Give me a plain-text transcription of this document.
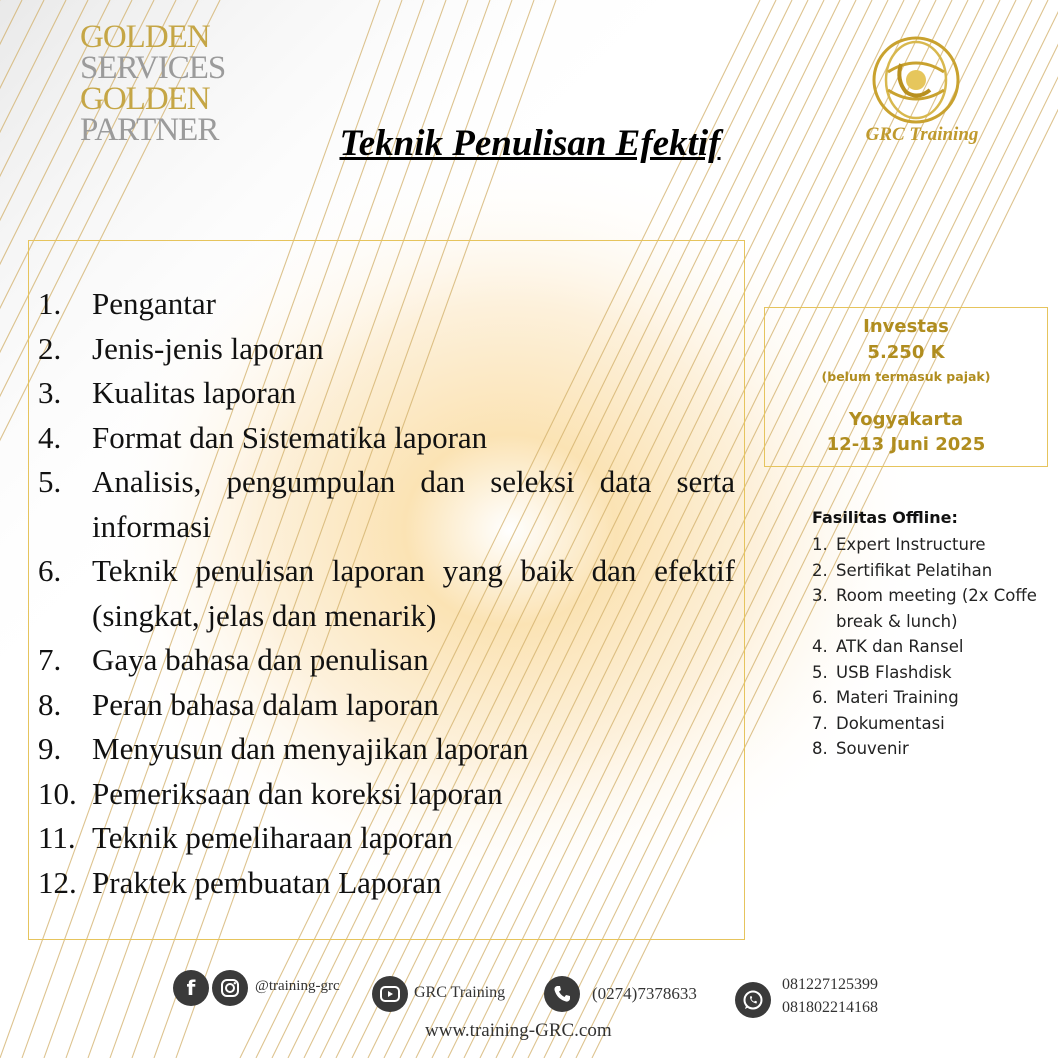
GOLDEN
SERVICES
GOLDEN
PARTNER	GRC Training
Teknik Penulisan Efektif
1. Pengantar
2. Jenis-jenis laporan
3. Kualitas laporan
4. Format dan Sistematika laporan
5. Analisis, pengumpulan dan seleksi data serta informasi
6. Teknik penulisan laporan yang baik dan efektif (singkat, jelas dan menarik)
7. Gaya bahasa dan penulisan
8. Peran bahasa dalam laporan
9. Menyusun dan menyajikan laporan
10. Pemeriksaan dan koreksi laporan
11. Teknik pemeliharaan laporan
12. Praktek pembuatan Laporan
Investas
5.250 K
(belum termasuk pajak)
Yogyakarta
12-13 Juni 2025
Fasilitas Offline:
1. Expert Instructure
2. Sertifikat Pelatihan
3. Room meeting (2x Coffe break & lunch)
4. ATK dan Ransel
5. USB Flashdisk
6. Materi Training
7. Dokumentasi
8. Souvenir
f	@training-grc	GRC Training	(0274)7378633	081227125399
081802214168
www.training-GRC.com
